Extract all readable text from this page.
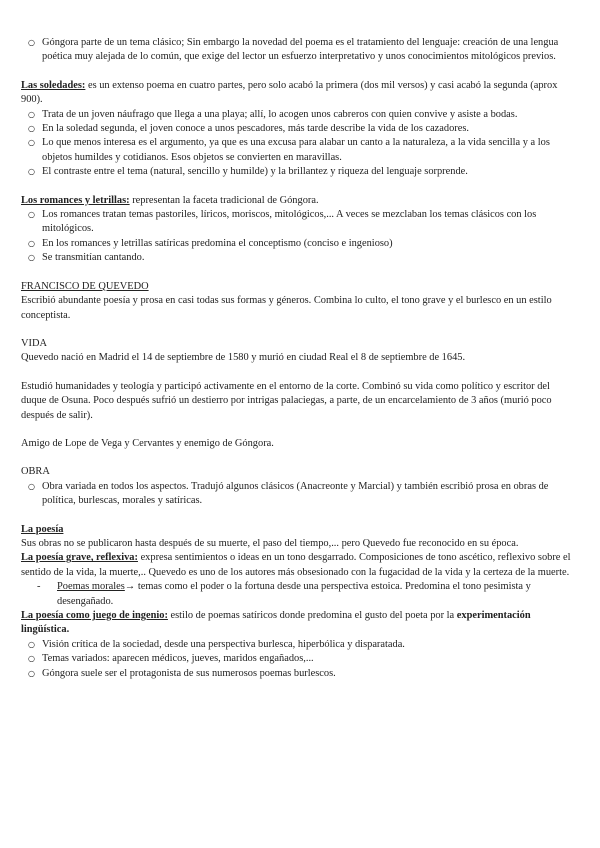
○ Góngora parte de un tema clásico; Sin embargo la novedad del poema es el tratamiento del lenguaje: creación de una lengua poética muy alejada de lo común, que exige del lector un esfuerzo interpretativo y unos conocimientos mitológicos previos.

Las soledades: es un extenso poema en cuatro partes, pero solo acabó la primera (dos mil versos) y casi acabó la segunda (aprox 900).

○ Trata de un joven náufrago que llega a una playa; allí, lo acogen unos cabreros con quien convive y asiste a bodas.
○ En la soledad segunda, el joven conoce a unos pescadores, más tarde describe la vida de los cazadores.
○ Lo que menos interesa es el argumento, ya que es una excusa para alabar un canto a la naturaleza, a la vida sencilla y a los objetos humildes y cotidianos. Esos objetos se convierten en maravillas.
○ El contraste entre el tema (natural, sencillo y humilde) y la brillantez y riqueza del lenguaje sorprende.

Los romances y letrillas: representan la faceta tradicional de Góngora.

○ Los romances tratan temas pastoriles, líricos, moriscos, mitológicos,... A veces se mezclaban los temas clásicos con los mitológicos.
○ En los romances y letrillas satíricas predomina el conceptismo (conciso e ingenioso)
○ Se transmitían cantando.

FRANCISCO DE QUEVEDO

Escribió abundante poesía y prosa en casi todas sus formas y géneros. Combina lo culto, el tono grave y el burlesco en un estilo conceptista.

VIDA

Quevedo nació en Madrid el 14 de septiembre de 1580 y murió en ciudad Real el 8 de septiembre de 1645.

Estudió humanidades y teología y participó activamente en el entorno de la corte. Combinó su vida como político y escritor del duque de Osuna. Poco después sufrió un destierro por intrigas palaciegas, a parte, de un encarcelamiento de 3 años (murió poco después de salir).

Amigo de Lope de Vega y Cervantes y enemigo de Góngora.

OBRA

○ Obra variada en todos los aspectos. Tradujó algunos clásicos (Anacreonte y Marcial) y también escribió prosa en obras de política, burlescas, morales y satíricas.

La poesía

Sus obras no se publicaron hasta después de su muerte, el paso del tiempo,... pero Quevedo fue reconocido en su época.

La poesía grave, reflexiva: expresa sentimientos o ideas en un tono desgarrado. Composiciones de tono ascético, reflexivo sobre el sentido de la vida, la muerte,.. Quevedo es uno de los autores más obsesionado con la fugacidad de la vida y la certeza de la muerte.

- Poemas morales→ temas como el poder o la fortuna desde una perspectiva estoica. Predomina el tono pesimista y desengañado.

La poesía como juego de ingenio: estilo de poemas satíricos donde predomina el gusto del poeta por la experimentación lingüística.

○ Visión crítica de la sociedad, desde una perspectiva burlesca, hiperbólica y disparatada.
○ Temas variados: aparecen médicos, jueves, maridos engañados,...
○ Góngora suele ser el protagonista de sus numerosos poemas burlescos.
